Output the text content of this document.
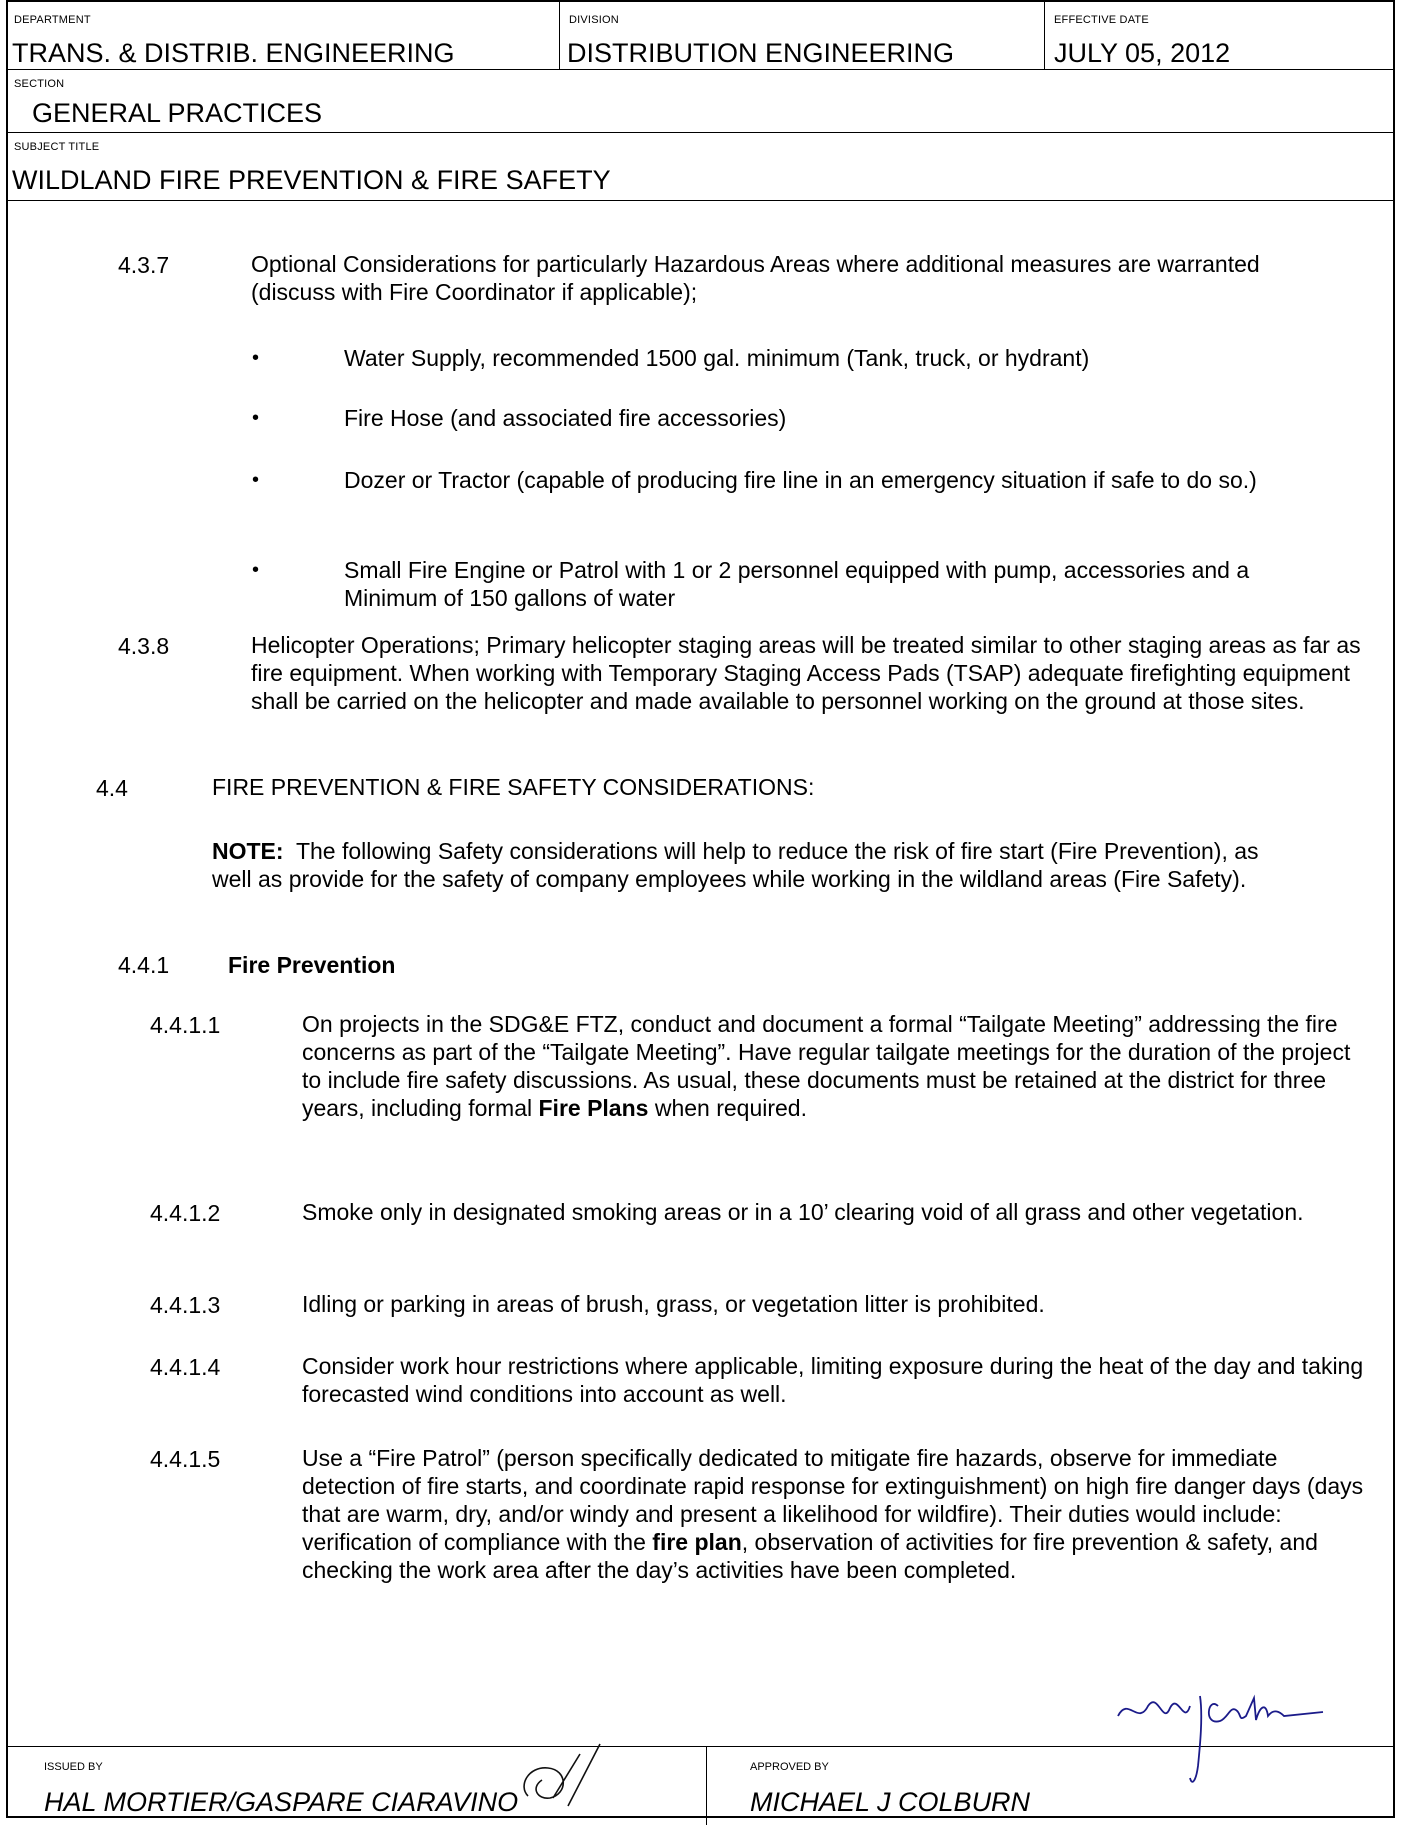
DEPARTMENT
TRANS. & DISTRIB. ENGINEERING
DIVISION
DISTRIBUTION ENGINEERING
EFFECTIVE DATE
JULY 05, 2012
SECTION
GENERAL PRACTICES
SUBJECT TITLE
WILDLAND FIRE PREVENTION & FIRE SAFETY
4.3.7	Optional Considerations for particularly Hazardous Areas where additional measures are warranted (discuss with Fire Coordinator if applicable);
•	Water Supply, recommended 1500 gal. minimum (Tank, truck, or hydrant)
•	Fire Hose (and associated fire accessories)
•	Dozer or Tractor (capable of producing fire line in an emergency situation if safe to do so.)
•	Small Fire Engine or Patrol with 1 or 2 personnel equipped with pump, accessories and a Minimum of 150 gallons of water
4.3.8	Helicopter Operations; Primary helicopter staging areas will be treated similar to other staging areas as far as fire equipment. When working with Temporary Staging Access Pads (TSAP) adequate firefighting equipment shall be carried on the helicopter and made available to personnel working on the ground at those sites.
4.4	FIRE PREVENTION & FIRE SAFETY CONSIDERATIONS:
NOTE: The following Safety considerations will help to reduce the risk of fire start (Fire Prevention), as well as provide for the safety of company employees while working in the wildland areas (Fire Safety).
4.4.1	Fire Prevention
4.4.1.1	On projects in the SDG&E FTZ, conduct and document a formal “Tailgate Meeting” addressing the fire concerns as part of the “Tailgate Meeting”. Have regular tailgate meetings for the duration of the project to include fire safety discussions. As usual, these documents must be retained at the district for three years, including formal Fire Plans when required.
4.4.1.2	Smoke only in designated smoking areas or in a 10’ clearing void of all grass and other vegetation.
4.4.1.3	Idling or parking in areas of brush, grass, or vegetation litter is prohibited.
4.4.1.4	Consider work hour restrictions where applicable, limiting exposure during the heat of the day and taking forecasted wind conditions into account as well.
4.4.1.5	Use a “Fire Patrol” (person specifically dedicated to mitigate fire hazards, observe for immediate detection of fire starts, and coordinate rapid response for extinguishment) on high fire danger days (days that are warm, dry, and/or windy and present a likelihood for wildfire). Their duties would include: verification of compliance with the fire plan, observation of activities for fire prevention & safety, and checking the work area after the day’s activities have been completed.
ISSUED BY
HAL MORTIER/GASPARE CIARAVINO
APPROVED BY
MICHAEL J COLBURN
